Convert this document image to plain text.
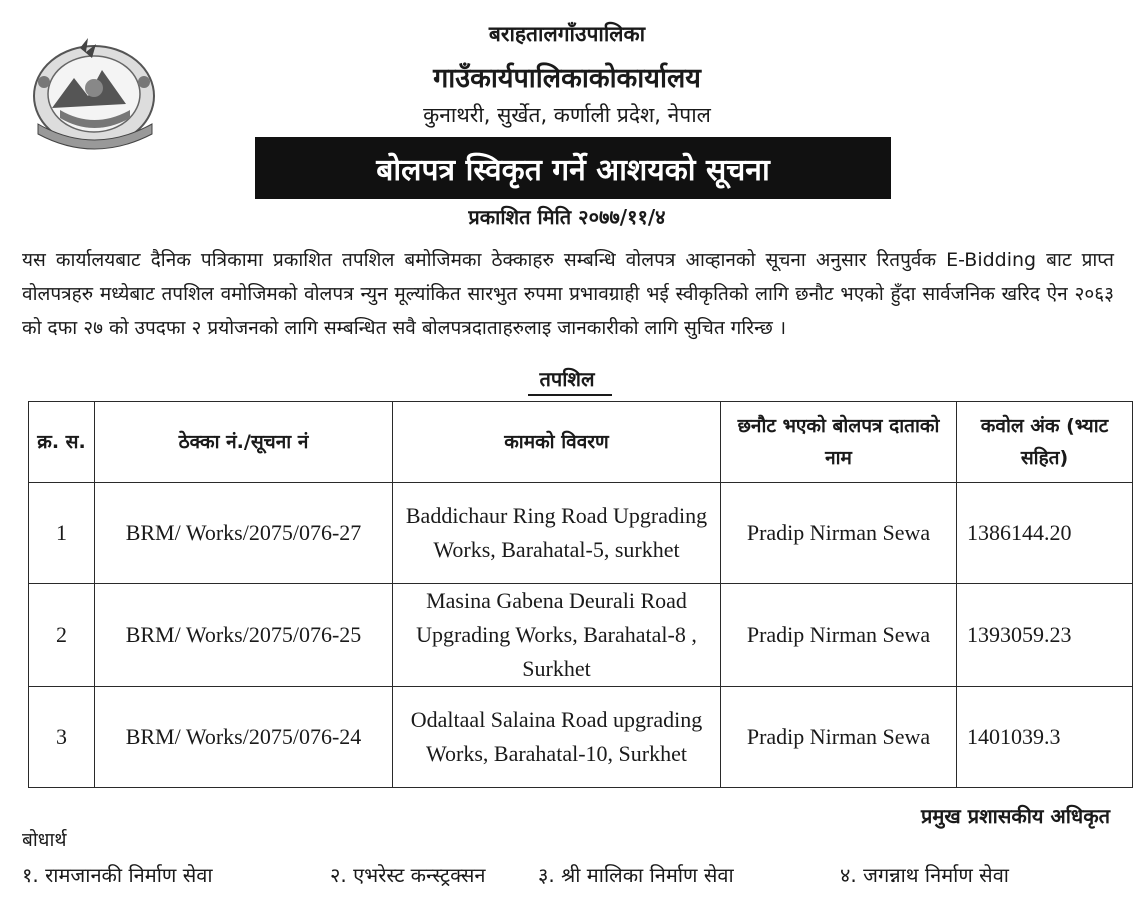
बराहतालगाँउपालिका
गाउँकार्यपालिकाकोकार्यालय
कुनाथरी, सुर्खेत, कर्णाली प्रदेश, नेपाल
बोलपत्र स्विकृत गर्ने आशयको सूचना
प्रकाशित मिति २०७७/११/४
यस कार्यालयबाट दैनिक पत्रिकामा प्रकाशित तपशिल बमोजिमका ठेक्काहरु सम्बन्धि वोलपत्र आव्हानको सूचना अनुसार रितपुर्वक E-Bidding बाट प्राप्त वोलपत्रहरु मध्येबाट तपशिल वमोजिमको वोलपत्र न्युन मूल्यांकित सारभुत रुपमा प्रभावग्राही भई स्वीकृतिको लागि छनौट भएको हुँदा सार्वजनिक खरिद ऐन २०६३ को दफा २७ को उपदफा २ प्रयोजनको लागि सम्बन्धित सवै बोलपत्रदाताहरुलाइ जानकारीको लागि सुचित गरिन्छ ।
तपशिल
क्र. स.	ठेक्का नं./सूचना नं	कामको विवरण	छनौट भएको बोलपत्र दाताको नाम	कवोल अंक (भ्याट सहित)
1	BRM/ Works/2075/076-27	Baddichaur Ring Road Upgrading Works, Barahatal-5, surkhet	Pradip Nirman Sewa	1386144.20
2	BRM/ Works/2075/076-25	Masina Gabena Deurali Road Upgrading Works, Barahatal-8 , Surkhet	Pradip Nirman Sewa	1393059.23
3	BRM/ Works/2075/076-24	Odaltaal Salaina Road upgrading Works, Barahatal-10, Surkhet	Pradip Nirman Sewa	1401039.3
प्रमुख प्रशासकीय अधिकृत
बोधार्थ
१. रामजानकी निर्माण सेवा	२. एभरेस्ट कन्स्ट्रक्सन	३. श्री मालिका निर्माण सेवा	४. जगन्नाथ निर्माण सेवा
